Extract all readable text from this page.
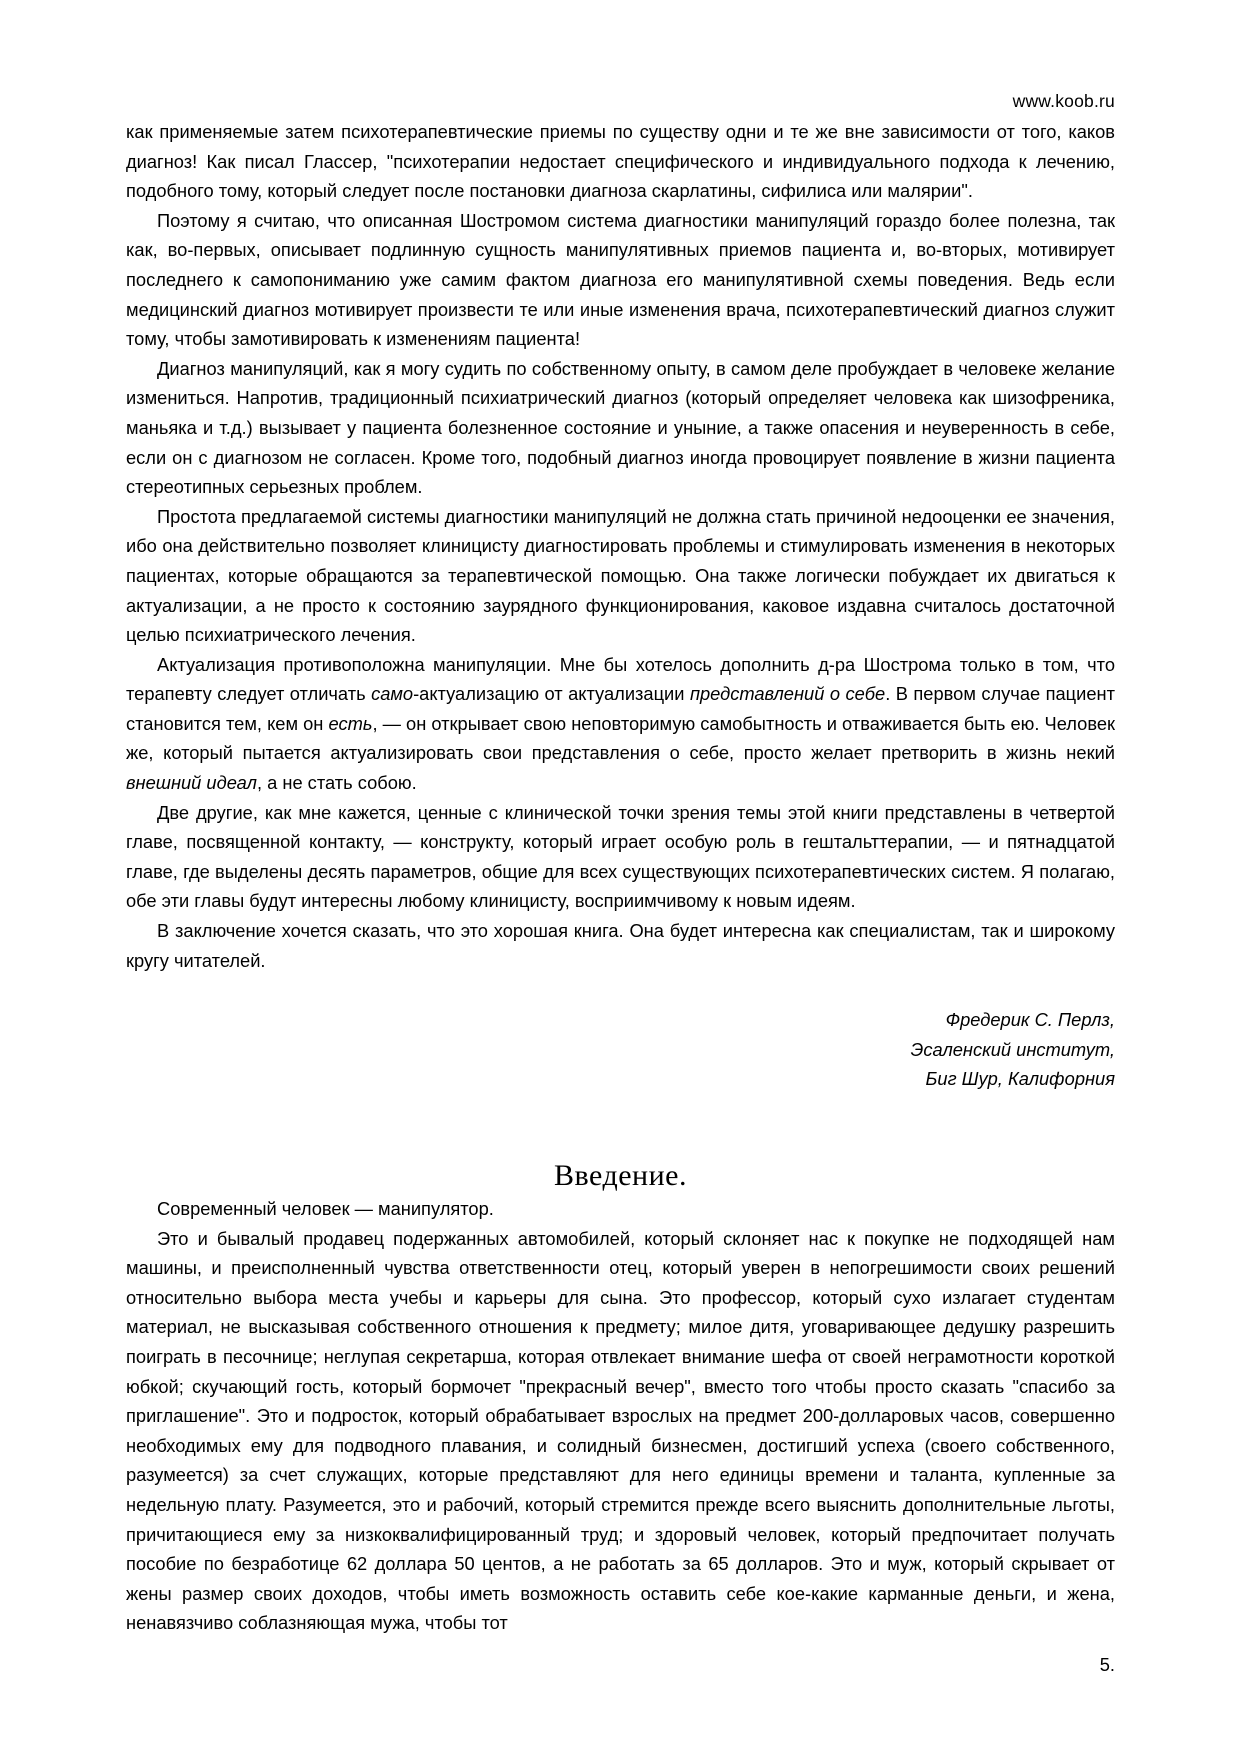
www.koob.ru

как применяемые затем психотерапевтические приемы по существу одни и те же вне зависимости от того, каков диагноз! Как писал Глассер, "психотерапии недостает специфического и индивидуального подхода к лечению, подобного тому, который следует после постановки диагноза скарлатины, сифилиса или малярии".

Поэтому я считаю, что описанная Шостромом система диагностики манипуляций гораздо более полезна, так как, во-первых, описывает подлинную сущность манипулятивных приемов пациента и, во-вторых, мотивирует последнего к самопониманию уже самим фактом диагноза его манипулятивной схемы поведения. Ведь если медицинский диагноз мотивирует произвести те или иные изменения врача, психотерапевтический диагноз служит тому, чтобы замотивировать к изменениям пациента!

Диагноз манипуляций, как я могу судить по собственному опыту, в самом деле пробуждает в человеке желание измениться. Напротив, традиционный психиатрический диагноз (который определяет человека как шизофреника, маньяка и т.д.) вызывает у пациента болезненное состояние и уныние, а также опасения и неуверенность в себе, если он с диагнозом не согласен. Кроме того, подобный диагноз иногда провоцирует появление в жизни пациента стереотипных серьезных проблем.

Простота предлагаемой системы диагностики манипуляций не должна стать причиной недооценки ее значения, ибо она действительно позволяет клиницисту диагностировать проблемы и стимулировать изменения в некоторых пациентах, которые обращаются за терапевтической помощью. Она также логически побуждает их двигаться к актуализации, а не просто к состоянию заурядного функционирования, каковое издавна считалось достаточной целью психиатрического лечения.

Актуализация противоположна манипуляции. Мне бы хотелось дополнить д-ра Шострома только в том, что терапевту следует отличать само-актуализацию от актуализации представлений о себе. В первом случае пациент становится тем, кем он есть, — он открывает свою неповторимую самобытность и отваживается быть ею. Человек же, который пытается актуализировать свои представления о себе, просто желает претворить в жизнь некий внешний идеал, а не стать собою.

Две другие, как мне кажется, ценные с клинической точки зрения темы этой книги представлены в четвертой главе, посвященной контакту, — конструкту, который играет особую роль в гештальттерапии, — и пятнадцатой главе, где выделены десять параметров, общие для всех существующих психотерапевтических систем. Я полагаю, обе эти главы будут интересны любому клиницисту, восприимчивому к новым идеям.

В заключение хочется сказать, что это хорошая книга. Она будет интересна как специалистам, так и широкому кругу читателей.

Фредерик С. Перлз,
Эсаленский институт,
Биг Шур, Калифорния
Введение.

Современный человек — манипулятор.

Это и бывалый продавец подержанных автомобилей, который склоняет нас к покупке не подходящей нам машины, и преисполненный чувства ответственности отец, который уверен в непогрешимости своих решений относительно выбора места учебы и карьеры для сына. Это профессор, который сухо излагает студентам материал, не высказывая собственного отношения к предмету; милое дитя, уговаривающее дедушку разрешить поиграть в песочнице; неглупая секретарша, которая отвлекает внимание шефа от своей неграмотности короткой юбкой; скучающий гость, который бормочет "прекрасный вечер", вместо того чтобы просто сказать "спасибо за приглашение". Это и подросток, который обрабатывает взрослых на предмет 200-долларовых часов, совершенно необходимых ему для подводного плавания, и солидный бизнесмен, достигший успеха (своего собственного, разумеется) за счет служащих, которые представляют для него единицы времени и таланта, купленные за недельную плату. Разумеется, это и рабочий, который стремится прежде всего выяснить дополнительные льготы, причитающиеся ему за низкоквалифицированный труд; и здоровый человек, который предпочитает получать пособие по безработице 62 доллара 50 центов, а не работать за 65 долларов. Это и муж, который скрывает от жены размер своих доходов, чтобы иметь возможность оставить себе кое-какие карманные деньги, и жена, ненавязчиво соблазняющая мужа, чтобы тот

5.
